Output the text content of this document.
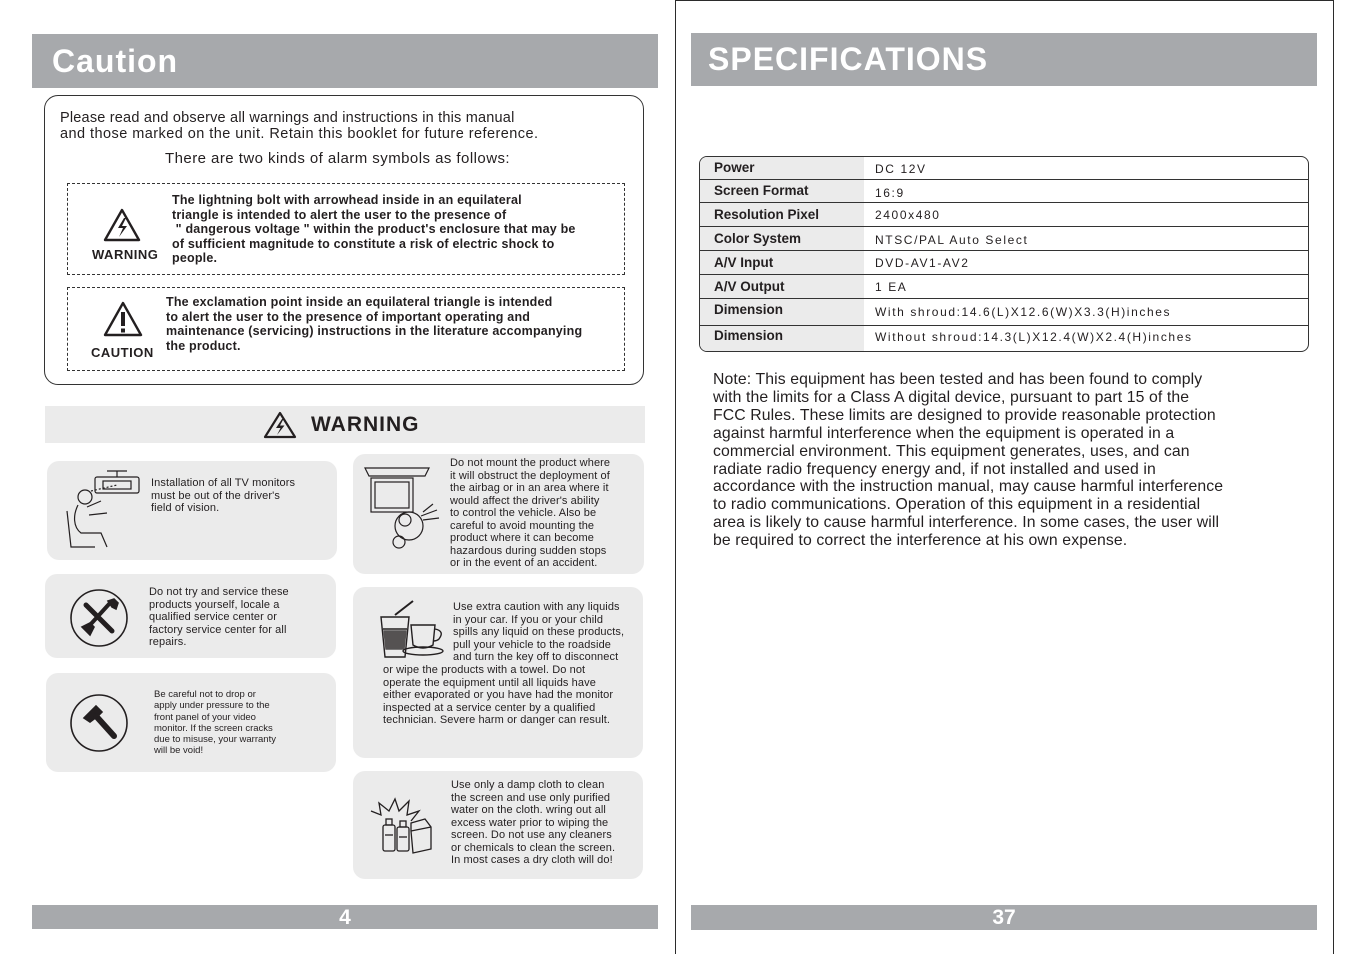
Caution
Please read and observe all warnings and instructions in this manual
and those marked on the unit. Retain this booklet for future reference.
There are two kinds of alarm symbols as follows:
WARNING
The lightning bolt with arrowhead inside in an equilateral
triangle is intended to alert the user to the presence of
" dangerous voltage " within the product's enclosure that may be
of sufficient magnitude to constitute a risk of electric shock to
people.
CAUTION
The exclamation point inside an equilateral triangle is intended
to alert the user to the presence of important operating and
maintenance (servicing) instructions in the literature accompanying
the product.
WARNING
Installation of all TV monitors
must be out of the driver's
field of vision.
Do not mount the product where
it will obstruct the deployment of
the airbag or in an area where it
would affect the driver's ability
to control the vehicle. Also be
careful to avoid mounting the
product where it can become
hazardous during sudden stops
or in the event of an accident.
Do not try and service these
products yourself, locale a
qualified service center or
factory service center for all
repairs.
Use extra caution with any liquids
in your car. If you or your child
spills any liquid on these products,
pull your vehicle to the roadside
and turn the key off to disconnect
or wipe the products with a towel. Do not
operate the equipment until all liquids have
either evaporated or you have had the monitor
inspected at a service center by a qualified
technician. Severe harm or danger can result.
Be careful not to drop or
apply under pressure to the
front panel of your video
monitor. If the screen cracks
due to misuse, your warranty
will be void!
Use only a damp cloth to clean
the screen and use only purified
water on the cloth. wring out all
excess water prior to wiping the
screen. Do not use any cleaners
or chemicals to clean the screen.
In most cases a dry cloth will do!
4
SPECIFICATIONS
Power	DC 12V
Screen Format	16:9
Resolution Pixel	2400x480
Color System	NTSC/PAL Auto Select
A/V Input	DVD-AV1-AV2
A/V Output	1 EA
Dimension	With shroud:14.6(L)X12.6(W)X3.3(H)inches
Dimension	Without shroud:14.3(L)X12.4(W)X2.4(H)inches
Note: This equipment has been tested and has been found to comply
with the limits for a Class A digital device, pursuant to part 15 of the
FCC Rules. These limits are designed to provide reasonable protection
against harmful interference when the equipment is operated in a
commercial environment. This equipment generates, uses, and can
radiate radio frequency energy and, if not installed and used in
accordance with the instruction manual, may cause harmful interference
to radio communications. Operation of this equipment in a residential
area is likely to cause harmful interference. In some cases, the user will
be required to correct the interference at his own expense.
37
